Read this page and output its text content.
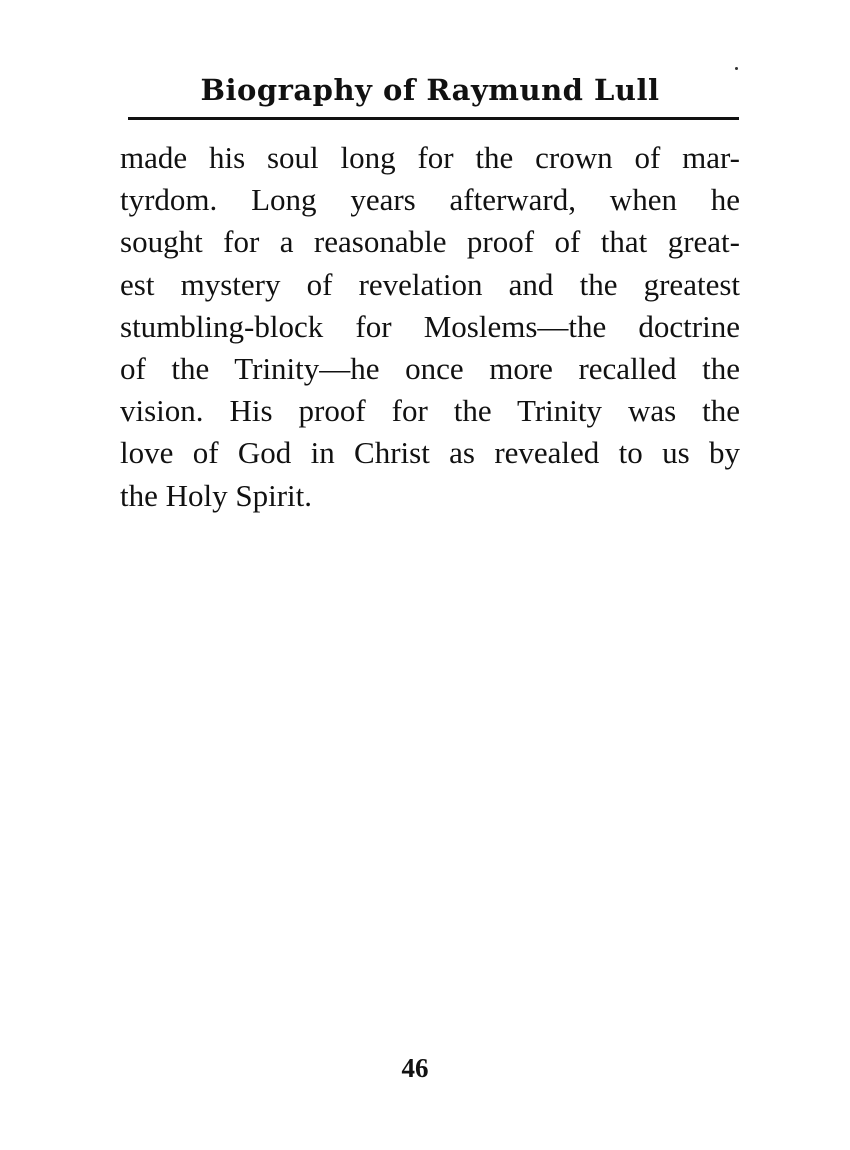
Biography of Raymund Lull
made his soul long for the crown of mar-
tyrdom. Long years afterward, when he
sought for a reasonable proof of that great-
est mystery of revelation and the greatest
stumbling-block for Moslems—the doctrine
of the Trinity—he once more recalled the
vision. His proof for the Trinity was the
love of God in Christ as revealed to us by
the Holy Spirit.
46
